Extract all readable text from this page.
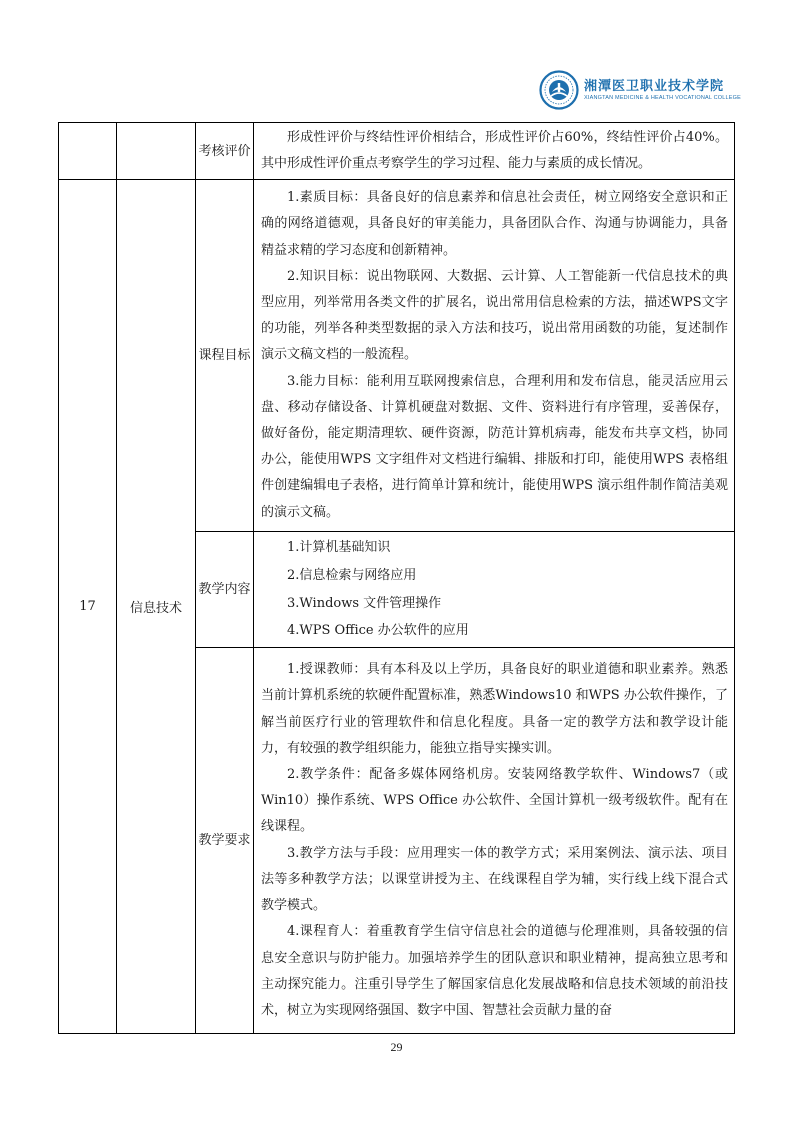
湘潭医卫职业技术学院
XIANGTAN MEDICINE & HEALTH VOCATIONAL COLLEGE
		考核评价	形成性评价与终结性评价相结合，形成性评价占60%，终结性评价占40%。其中形成性评价重点考察学生的学习过程、能力与素质的成长情况。

17	信息技术	课程目标	1.素质目标：具备良好的信息素养和信息社会责任，树立网络安全意识和正确的网络道德观，具备良好的审美能力，具备团队合作、沟通与协调能力，具备精益求精的学习态度和创新精神。

2.知识目标：说出物联网、大数据、云计算、人工智能新一代信息技术的典型应用，列举常用各类文件的扩展名，说出常用信息检索的方法，描述WPS文字的功能，列举各种类型数据的录入方法和技巧，说出常用函数的功能，复述制作演示文稿文档的一般流程。

3.能力目标：能利用互联网搜索信息，合理利用和发布信息，能灵活应用云盘、移动存储设备、计算机硬盘对数据、文件、资料进行有序管理，妥善保存，做好备份，能定期清理软、硬件资源，防范计算机病毒，能发布共享文档，协同办公，能使用WPS 文字组件对文档进行编辑、排版和打印，能使用WPS 表格组件创建编辑电子表格，进行简单计算和统计，能使用WPS 演示组件制作简洁美观的演示文稿。

		教学内容	1.计算机基础知识

2.信息检索与网络应用

3.Windows 文件管理操作

4.WPS Office 办公软件的应用

		教学要求	1.授课教师：具有本科及以上学历，具备良好的职业道德和职业素养。熟悉当前计算机系统的软硬件配置标准，熟悉Windows10 和WPS 办公软件操作，了解当前医疗行业的管理软件和信息化程度。具备一定的教学方法和教学设计能力，有较强的教学组织能力，能独立指导实操实训。

2.教学条件：配备多媒体网络机房。安装网络教学软件、Windows7（或Win10）操作系统、WPS Office 办公软件、全国计算机一级考级软件。配有在线课程。

3.教学方法与手段：应用理实一体的教学方式；采用案例法、演示法、项目法等多种教学方法；以课堂讲授为主、在线课程自学为辅，实行线上线下混合式教学模式。

4.课程育人：着重教育学生信守信息社会的道德与伦理准则，具备较强的信息安全意识与防护能力。加强培养学生的团队意识和职业精神，提高独立思考和主动探究能力。注重引导学生了解国家信息化发展战略和信息技术领域的前沿技术，树立为实现网络强国、数字中国、智慧社会贡献力量的奋

29
